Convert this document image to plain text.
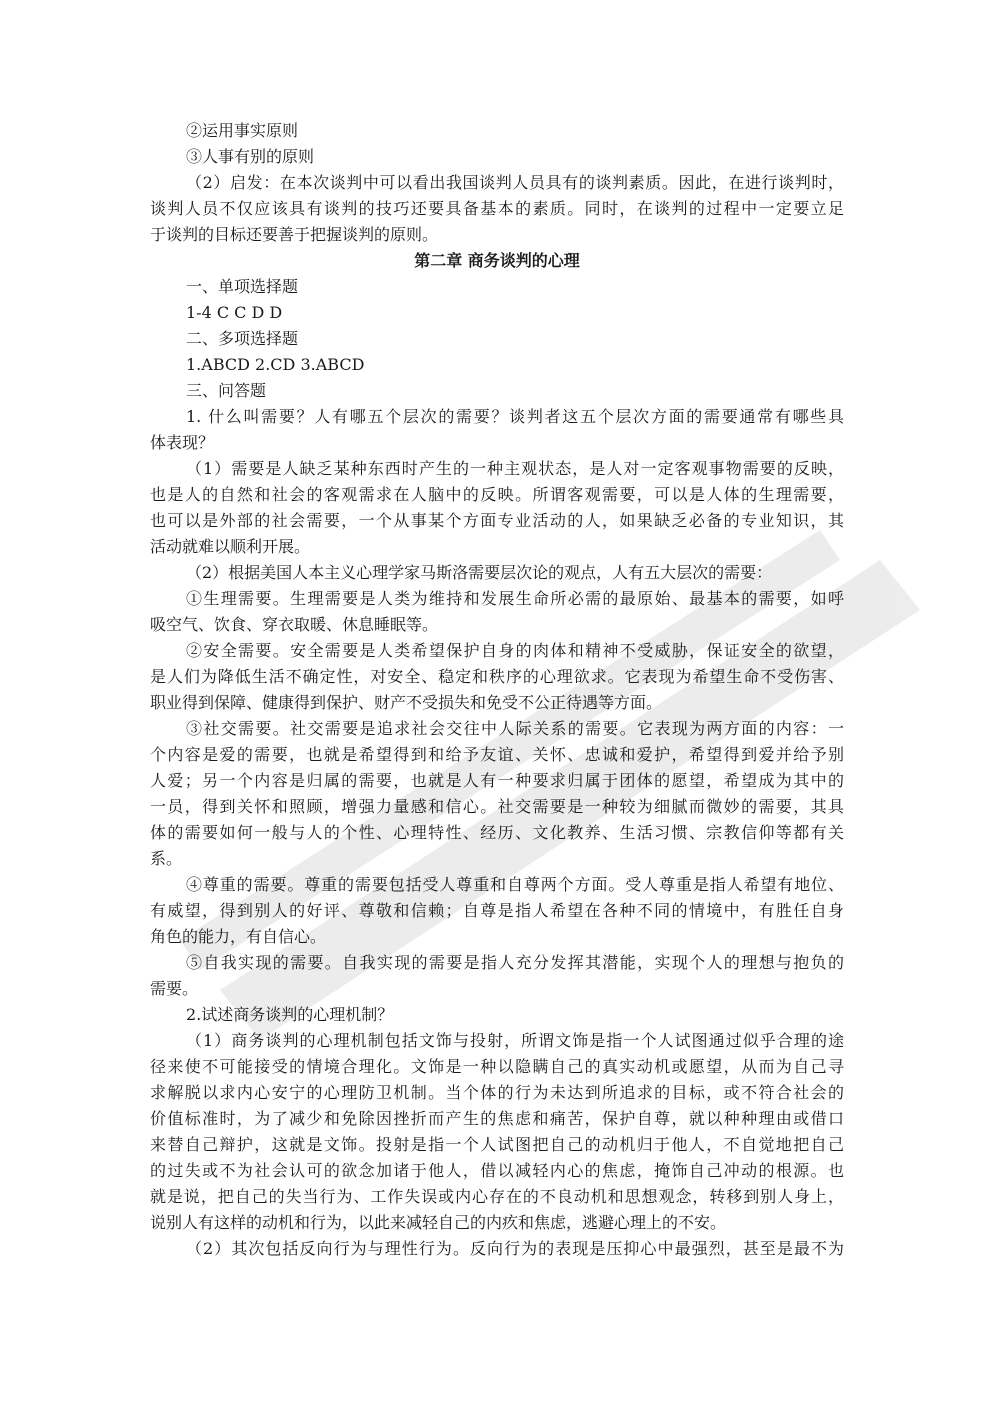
②运用事实原则
③人事有别的原则
（2）启发：在本次谈判中可以看出我国谈判人员具有的谈判素质。因此，在进行谈判时，
谈判人员不仅应该具有谈判的技巧还要具备基本的素质。同时，在谈判的过程中一定要立足
于谈判的目标还要善于把握谈判的原则。
第二章 商务谈判的心理
一、单项选择题
1-4 C C D D
二、多项选择题
1.ABCD 2.CD 3.ABCD
三、问答题
1. 什么叫需要？人有哪五个层次的需要？谈判者这五个层次方面的需要通常有哪些具
体表现？
（1）需要是人缺乏某种东西时产生的一种主观状态，是人对一定客观事物需要的反映，
也是人的自然和社会的客观需求在人脑中的反映。所谓客观需要，可以是人体的生理需要，
也可以是外部的社会需要，一个从事某个方面专业活动的人，如果缺乏必备的专业知识，其
活动就难以顺利开展。
（2）根据美国人本主义心理学家马斯洛需要层次论的观点，人有五大层次的需要：
①生理需要。生理需要是人类为维持和发展生命所必需的最原始、最基本的需要，如呼
吸空气、饮食、穿衣取暖、休息睡眠等。
②安全需要。安全需要是人类希望保护自身的肉体和精神不受威胁，保证安全的欲望，
是人们为降低生活不确定性，对安全、稳定和秩序的心理欲求。它表现为希望生命不受伤害、
职业得到保障、健康得到保护、财产不受损失和免受不公正待遇等方面。
③社交需要。社交需要是追求社会交往中人际关系的需要。它表现为两方面的内容：一
个内容是爱的需要，也就是希望得到和给予友谊、关怀、忠诚和爱护，希望得到爱并给予别
人爱；另一个内容是归属的需要，也就是人有一种要求归属于团体的愿望，希望成为其中的
一员，得到关怀和照顾，增强力量感和信心。社交需要是一种较为细腻而微妙的需要，其具
体的需要如何一般与人的个性、心理特性、经历、文化教养、生活习惯、宗教信仰等都有关
系。
④尊重的需要。尊重的需要包括受人尊重和自尊两个方面。受人尊重是指人希望有地位、
有威望，得到别人的好评、尊敬和信赖；自尊是指人希望在各种不同的情境中，有胜任自身
角色的能力，有自信心。
⑤自我实现的需要。自我实现的需要是指人充分发挥其潜能，实现个人的理想与抱负的
需要。
2.试述商务谈判的心理机制？
（1）商务谈判的心理机制包括文饰与投射，所谓文饰是指一个人试图通过似乎合理的途
径来使不可能接受的情境合理化。文饰是一种以隐瞒自己的真实动机或愿望，从而为自己寻
求解脱以求内心安宁的心理防卫机制。当个体的行为未达到所追求的目标，或不符合社会的
价值标准时，为了减少和免除因挫折而产生的焦虑和痛苦，保护自尊，就以种种理由或借口
来替自己辩护，这就是文饰。投射是指一个人试图把自己的动机归于他人，不自觉地把自己
的过失或不为社会认可的欲念加诸于他人，借以减轻内心的焦虑，掩饰自己冲动的根源。也
就是说，把自己的失当行为、工作失误或内心存在的不良动机和思想观念，转移到别人身上，
说别人有这样的动机和行为，以此来减轻自己的内疚和焦虑，逃避心理上的不安。
（2）其次包括反向行为与理性行为。反向行为的表现是压抑心中最强烈，甚至是最不为
